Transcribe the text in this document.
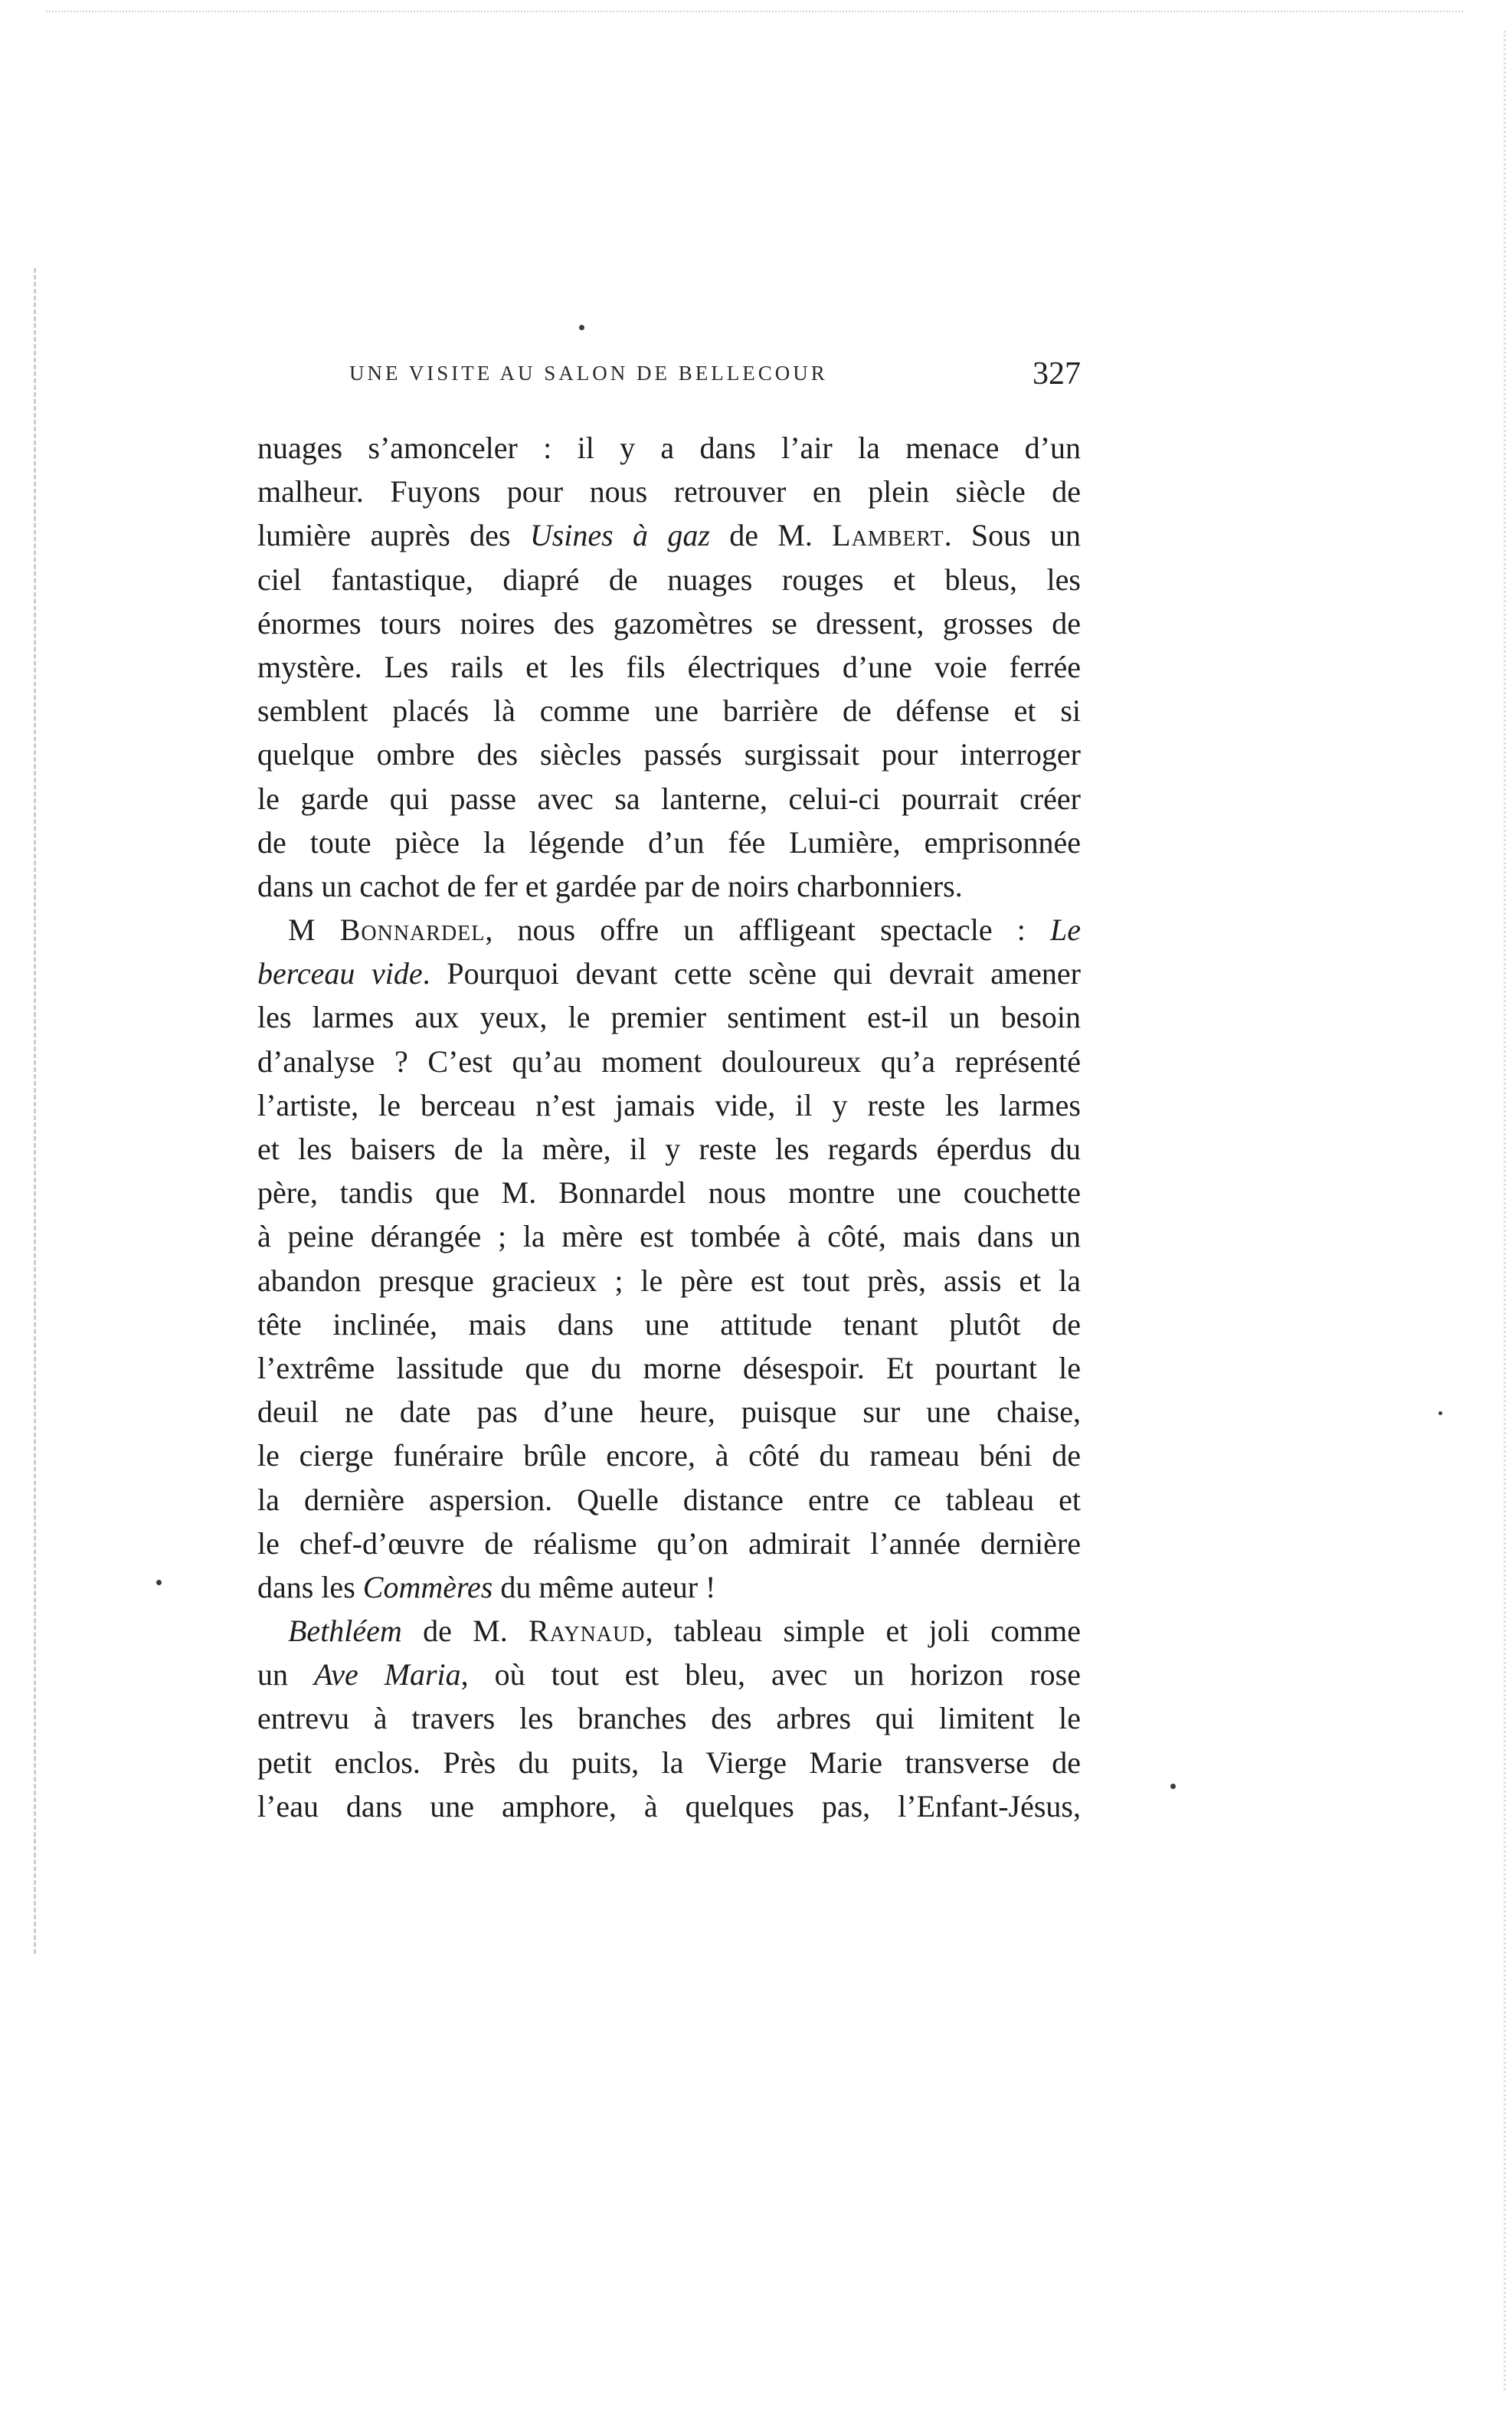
UNE VISITE AU SALON DE BELLECOUR	327
nuages s’amonceler : il y a dans l’air la menace d’un
malheur. Fuyons pour nous retrouver en plein siècle de
lumière auprès des Usines à gaz de M. Lambert. Sous un
ciel fantastique, diapré de nuages rouges et bleus, les
énormes tours noires des gazomètres se dressent, grosses de
mystère. Les rails et les fils électriques d’une voie ferrée
semblent placés là comme une barrière de défense et si
quelque ombre des siècles passés surgissait pour interroger
le garde qui passe avec sa lanterne, celui-ci pourrait créer
de toute pièce la légende d’un fée Lumière, emprisonnée
dans un cachot de fer et gardée par de noirs charbonniers.
M Bonnardel, nous offre un affligeant spectacle : Le
berceau vide. Pourquoi devant cette scène qui devrait amener
les larmes aux yeux, le premier sentiment est-il un besoin
d’analyse ? C’est qu’au moment douloureux qu’a représenté
l’artiste, le berceau n’est jamais vide, il y reste les larmes
et les baisers de la mère, il y reste les regards éperdus du
père, tandis que M. Bonnardel nous montre une couchette
à peine dérangée ; la mère est tombée à côté, mais dans un
abandon presque gracieux ; le père est tout près, assis et la
tête inclinée, mais dans une attitude tenant plutôt de
l’extrême lassitude que du morne désespoir. Et pourtant le
deuil ne date pas d’une heure, puisque sur une chaise,
le cierge funéraire brûle encore, à côté du rameau béni de
la dernière aspersion. Quelle distance entre ce tableau et
le chef-d’œuvre de réalisme qu’on admirait l’année dernière
dans les Commères du même auteur !
Bethléem de M. Raynaud, tableau simple et joli comme
un Ave Maria, où tout est bleu, avec un horizon rose
entrevu à travers les branches des arbres qui limitent le
petit enclos. Près du puits, la Vierge Marie transverse de
l’eau dans une amphore, à quelques pas, l’Enfant-Jésus,
